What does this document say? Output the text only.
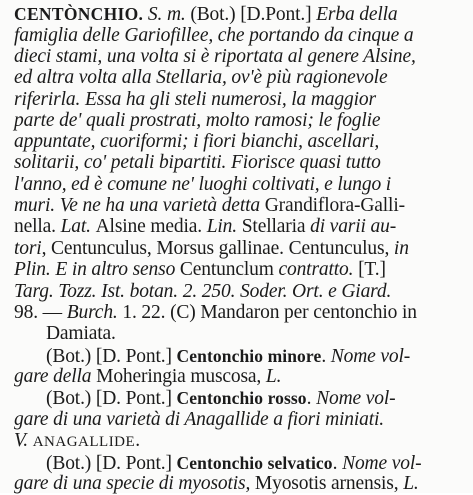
CENTÒNCHIO. S. m. (Bot.) [D.Pont.] Erba della
famiglia delle Gariofillee, che portando da cinque a
dieci stami, una volta si è riportata al genere Alsine,
ed altra volta alla Stellaria, ov'è più ragionevole
riferirla. Essa ha gli steli numerosi, la maggior
parte de' quali prostrati, molto ramosi; le foglie
appuntate, cuoriformi; i fiori bianchi, ascellari,
solitarii, co' petali bipartiti. Fiorisce quasi tutto
l'anno, ed è comune ne' luoghi coltivati, e lungo i
muri. Ve ne ha una varietà detta Grandiflora-Galli-
nella. Lat. Alsine media. Lin. Stellaria di varii au-
tori, Centunculus, Morsus gallinae. Centunculus, in
Plin. E in altro senso Centunclum contratto. [T.]
Targ. Tozz. Ist. botan. 2. 250. Soder. Ort. e Giard.
98. — Burch. 1. 22. (C) Mandaron per centonchio in
Damiata.
(Bot.) [D. Pont.] Centonchio minore. Nome vol-
gare della Moheringia muscosa, L.
(Bot.) [D. Pont.] Centonchio rosso. Nome vol-
gare di una varietà di Anagallide a fiori miniati.
V. ANAGALLIDE.
(Bot.) [D. Pont.] Centonchio selvatico. Nome vol-
gare di una specie di myosotis, Myosotis arnensis, L.
